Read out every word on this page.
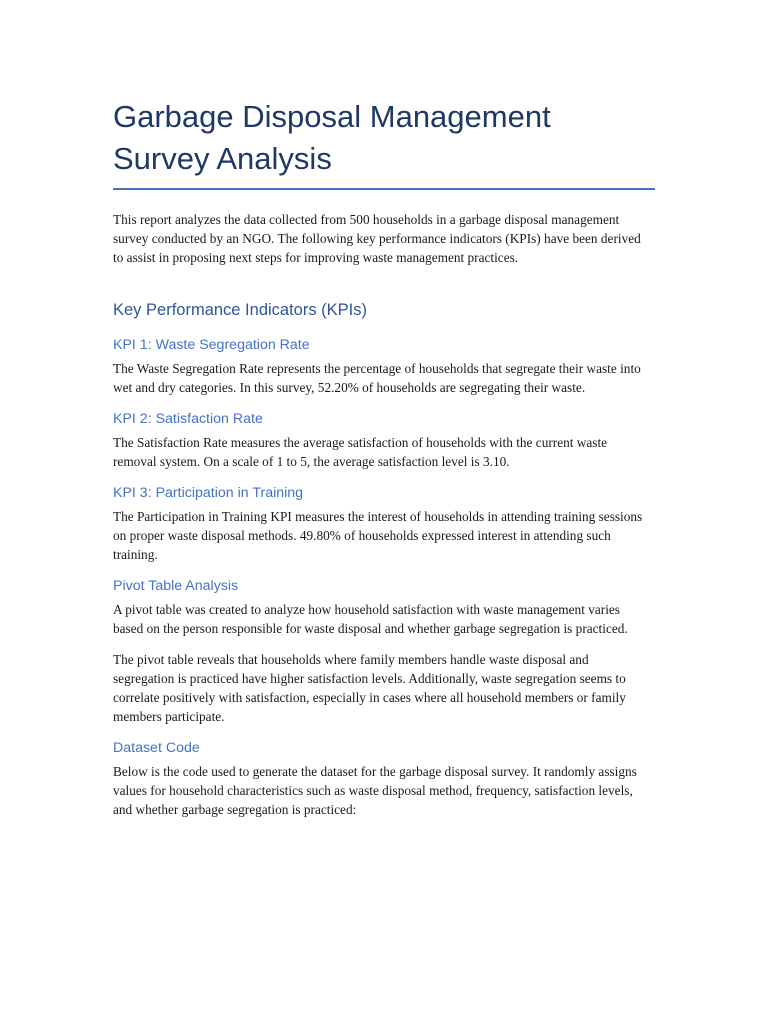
Garbage Disposal Management Survey Analysis

This report analyzes the data collected from 500 households in a garbage disposal management survey conducted by an NGO. The following key performance indicators (KPIs) have been derived to assist in proposing next steps for improving waste management practices.

Key Performance Indicators (KPIs)
KPI 1: Waste Segregation Rate

The Waste Segregation Rate represents the percentage of households that segregate their waste into wet and dry categories. In this survey, 52.20% of households are segregating their waste.

KPI 2: Satisfaction Rate

The Satisfaction Rate measures the average satisfaction of households with the current waste removal system. On a scale of 1 to 5, the average satisfaction level is 3.10.

KPI 3: Participation in Training

The Participation in Training KPI measures the interest of households in attending training sessions on proper waste disposal methods. 49.80% of households expressed interest in attending such training.

Pivot Table Analysis

A pivot table was created to analyze how household satisfaction with waste management varies based on the person responsible for waste disposal and whether garbage segregation is practiced.

The pivot table reveals that households where family members handle waste disposal and segregation is practiced have higher satisfaction levels. Additionally, waste segregation seems to correlate positively with satisfaction, especially in cases where all household members or family members participate.

Dataset Code

Below is the code used to generate the dataset for the garbage disposal survey. It randomly assigns values for household characteristics such as waste disposal method, frequency, satisfaction levels, and whether garbage segregation is practiced:
